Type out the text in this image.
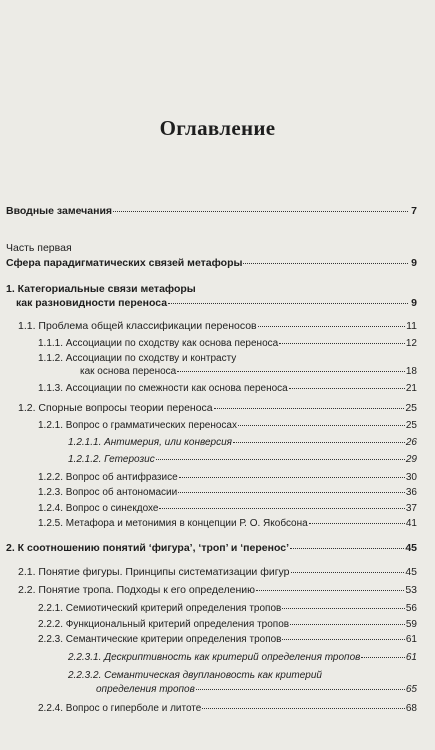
Оглавление
Вводные замечания	7
Часть первая
Сфера парадигматических связей метафоры	9
1. Категориальные связи метафоры
как разновидности переноса	9
1.1. Проблема общей классификации переносов	11
1.1.1. Ассоциации по сходству как основа переноса	12
1.1.2. Ассоциации по сходству и контрасту
как основа переноса	18
1.1.3. Ассоциации по смежности как основа переноса	21
1.2. Спорные вопросы теории переноса	25
1.2.1. Вопрос о грамматических переносах	25
1.2.1.1. Антимерия, или конверсия	26
1.2.1.2. Гетерозис	29
1.2.2. Вопрос об антифразисе	30
1.2.3. Вопрос об антономасии	36
1.2.4. Вопрос о синекдохе	37
1.2.5. Метафора и метонимия в концепции Р. О. Якобсона	41
2. К соотношению понятий ‘фигура’, ‘троп’ и ‘перенос’	45
2.1. Понятие фигуры. Принципы систематизации фигур	45
2.2. Понятие тропа. Подходы к его определению	53
2.2.1. Семиотический критерий определения тропов	56
2.2.2. Функциональный критерий определения тропов	59
2.2.3. Семантические критерии определения тропов	61
2.2.3.1. Дескриптивность как критерий определения тропов	61
2.2.3.2. Семантическая двуплановость как критерий
определения тропов	65
2.2.4. Вопрос о гиперболе и литоте	68
